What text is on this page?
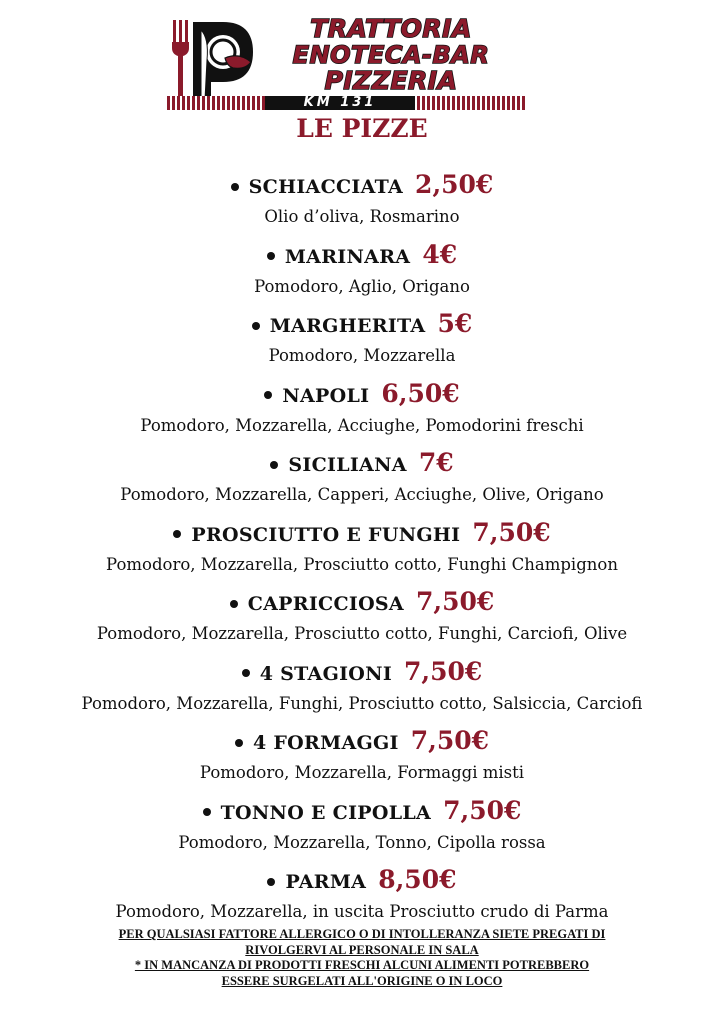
TRATTORIA
ENOTECA-BAR
PIZZERIA
KM 131
LE PIZZE
SCHIACCIATA 2,50€
Olio d’oliva, Rosmarino
MARINARA 4€
Pomodoro, Aglio, Origano
MARGHERITA 5€
Pomodoro, Mozzarella
NAPOLI 6,50€
Pomodoro, Mozzarella, Acciughe, Pomodorini freschi
SICILIANA 7€
Pomodoro, Mozzarella, Capperi, Acciughe, Olive, Origano
PROSCIUTTO E FUNGHI 7,50€
Pomodoro, Mozzarella, Prosciutto cotto, Funghi Champignon
CAPRICCIOSA 7,50€
Pomodoro, Mozzarella, Prosciutto cotto, Funghi, Carciofi, Olive
4 STAGIONI 7,50€
Pomodoro, Mozzarella, Funghi, Prosciutto cotto, Salsiccia, Carciofi
4 FORMAGGI 7,50€
Pomodoro, Mozzarella, Formaggi misti
TONNO E CIPOLLA 7,50€
Pomodoro, Mozzarella, Tonno, Cipolla rossa
PARMA 8,50€
Pomodoro, Mozzarella, in uscita Prosciutto crudo di Parma
PER QUALSIASI FATTORE ALLERGICO O DI INTOLLERANZA SIETE PREGATI DI
RIVOLGERVI AL PERSONALE IN SALA
* IN MANCANZA DI PRODOTTI FRESCHI ALCUNI ALIMENTI POTREBBERO
ESSERE SURGELATI ALL'ORIGINE O IN LOCO
